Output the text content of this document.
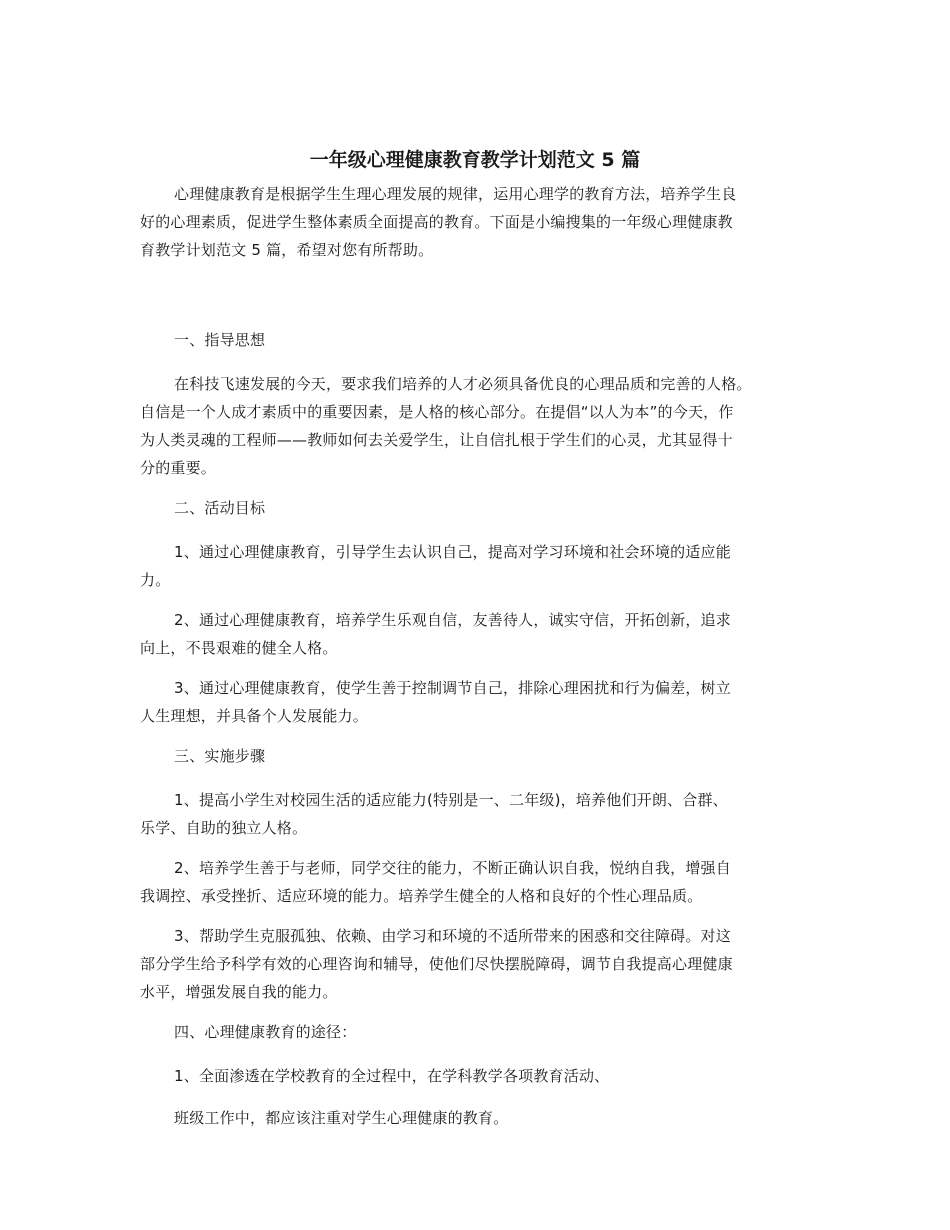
一年级心理健康教育教学计划范文 5 篇

心理健康教育是根据学生生理心理发展的规律，运用心理学的教育方法，培养学生良
好的心理素质，促进学生整体素质全面提高的教育。下面是小编搜集的一年级心理健康教
育教学计划范文 5 篇，希望对您有所帮助。

一、指导思想

在科技飞速发展的今天，要求我们培养的人才必须具备优良的心理品质和完善的人格。
自信是一个人成才素质中的重要因素，是人格的核心部分。在提倡“以人为本”的今天，作
为人类灵魂的工程师——教师如何去关爱学生，让自信扎根于学生们的心灵，尤其显得十
分的重要。

二、活动目标

1、通过心理健康教育，引导学生去认识自己，提高对学习环境和社会环境的适应能
力。

2、通过心理健康教育，培养学生乐观自信，友善待人，诚实守信，开拓创新，追求
向上，不畏艰难的健全人格。

3、通过心理健康教育，使学生善于控制调节自己，排除心理困扰和行为偏差，树立
人生理想，并具备个人发展能力。

三、实施步骤

1、提高小学生对校园生活的适应能力(特别是一、二年级)，培养他们开朗、合群、
乐学、自助的独立人格。

2、培养学生善于与老师，同学交往的能力，不断正确认识自我，悦纳自我，增强自
我调控、承受挫折、适应环境的能力。培养学生健全的人格和良好的个性心理品质。

3、帮助学生克服孤独、依赖、由学习和环境的不适所带来的困惑和交往障碍。对这
部分学生给予科学有效的心理咨询和辅导，使他们尽快摆脱障碍，调节自我提高心理健康
水平，增强发展自我的能力。

四、心理健康教育的途径：

1、全面渗透在学校教育的全过程中，在学科教学各项教育活动、

班级工作中，都应该注重对学生心理健康的教育。
